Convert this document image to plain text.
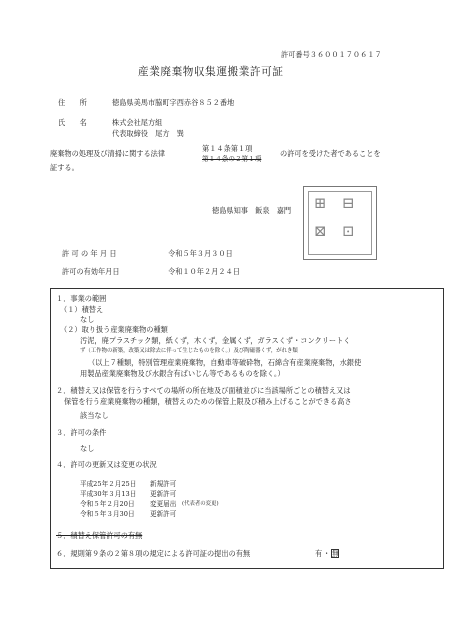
許可番号３６００１７０６１７
産業廃棄物収集運搬業許可証
住　　所	徳島県美馬市脇町字西赤谷８５２番地
氏　　名	株式会社尾方組
代表取締役　尾方　巽
廃棄物の処理及び清掃に関する法律
第１４条第１項
第１４条の２第１項
の許可を受けた者であることを
証する。
徳島県知事　飯泉　嘉門 ⊞ ⊟
⊠ ⊡
許 可 の 年 月 日	令和５年３月３０日
許可の有効年月日	令和１０年２月２４日
１．事業の範囲
（１）積替え
なし
（２）取り扱う産業廃棄物の種類
汚泥，廃プラスチック類，紙くず，木くず，金属くず，ガラスくず・コンクリートく
ず（工作物の新築，改築又は除去に伴って生じたものを除く。）及び陶磁器くず，がれき類
（以上７種類，特別管理産業廃棄物，自動車等破砕物，石綿含有産業廃棄物，水銀使
用製品産業廃棄物及び水銀含有ばいじん等であるものを除く。）
２．積替え又は保管を行うすべての場所の所在地及び面積並びに当該場所ごとの積替え又は
保管を行う産業廃棄物の種類，積替えのための保管上限及び積み上げることができる高さ
該当なし
３．許可の条件
なし
４．許可の更新又は変更の状況
平成25年２月25日 新規許可
平成30年３月13日 更新許可
令和５年２月20日 変更届出 (代表者の変更)
令和５年３月30日 更新許可
５．積替え保管許可の有無
６．規則第９条の２第８項の規定による許可証の提出の有無	有 ・ 無
